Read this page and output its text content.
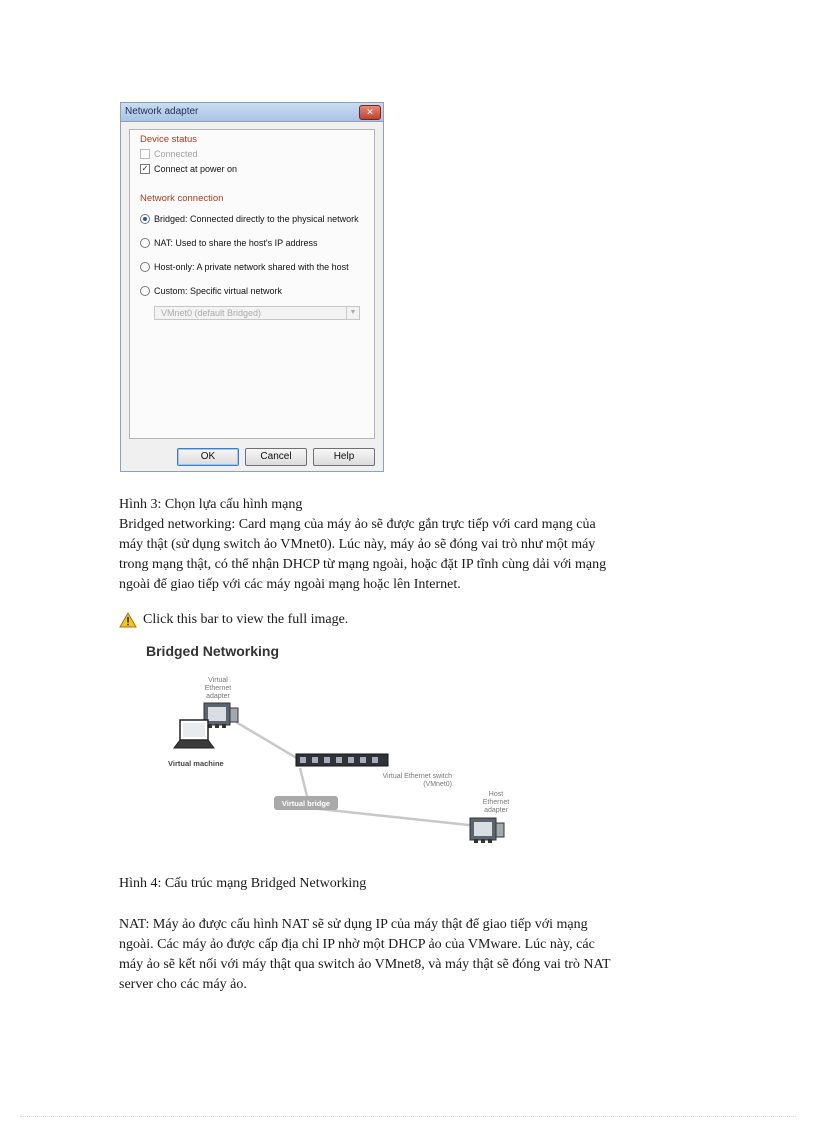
Network adapter	✕
Device status
Connected
✓ Connect at power on
Network connection
Bridged: Connected directly to the physical network
NAT: Used to share the host's IP address
Host-only: A private network shared with the host
Custom: Specific virtual network
VMnet0 (default Bridged)	▼
OK	Cancel	Help
Hình 3: Chọn lựa cấu hình mạng
Bridged networking: Card mạng của máy ảo sẽ được gắn trực tiếp với card mạng của
máy thật (sử dụng switch ảo VMnet0). Lúc này, máy ảo sẽ đóng vai trò như một máy
trong mạng thật, có thể nhận DHCP từ mạng ngoài, hoặc đặt IP tĩnh cùng dải với mạng
ngoài để giao tiếp với các máy ngoài mạng hoặc lên Internet.
Click this bar to view the full image.
Bridged Networking
Virtual
Ethernet
adapter
Virtual machine
Virtual Ethernet switch
(VMnet0)
Virtual bridge
Host
Ethernet
adapter
Hình 4: Cấu trúc mạng Bridged Networking
NAT: Máy ảo được cấu hình NAT sẽ sử dụng IP của máy thật để giao tiếp với mạng
ngoài. Các máy ảo được cấp địa chỉ IP nhờ một DHCP ảo của VMware. Lúc này, các
máy ảo sẽ kết nối với máy thật qua switch ảo VMnet8, và máy thật sẽ đóng vai trò NAT
server cho các máy ảo.
